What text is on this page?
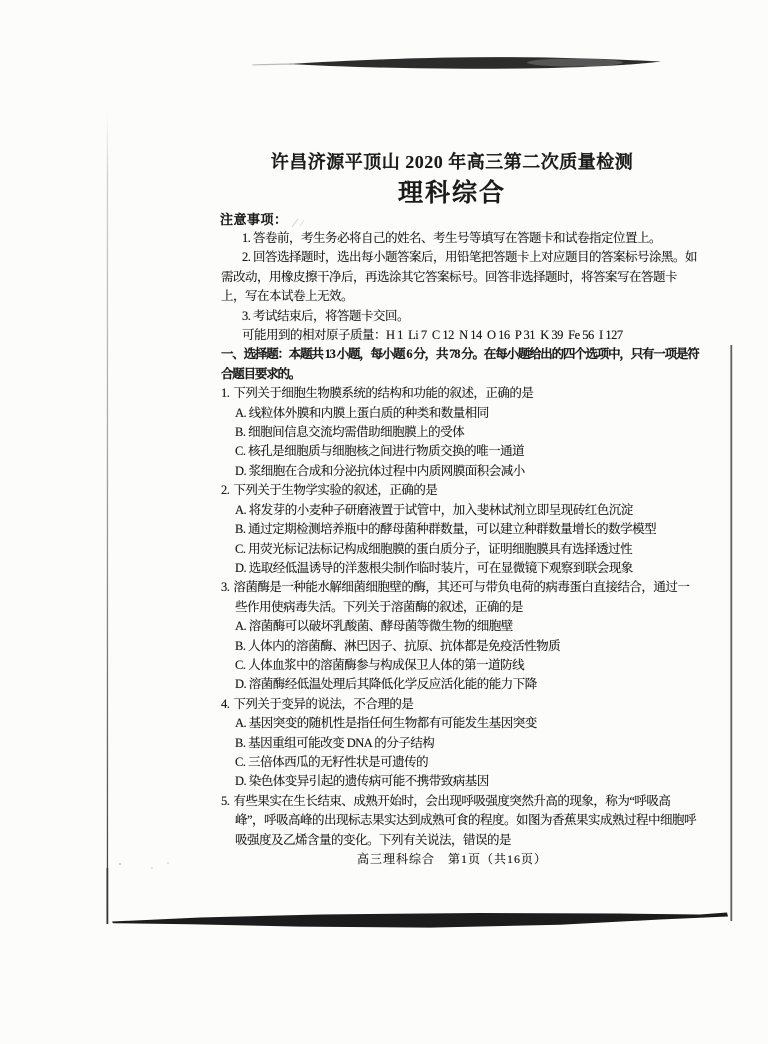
许昌济源平顶山 2020 年高三第二次质量检测
理科综合
注意事项：
1. 答卷前，考生务必将自己的姓名、考生号等填写在答题卡和试卷指定位置上。
2. 回答选择题时，选出每小题答案后，用铅笔把答题卡上对应题目的答案标号涂黑。如需改动，用橡皮擦干净后，再选涂其它答案标号。回答非选择题时，将答案写在答题卡上，写在本试卷上无效。
3. 考试结束后，将答题卡交回。
可能用到的相对原子质量：H 1  Li 7  C 12  N 14  O 16  P 31  K 39  Fe 56  I 127
一、选择题：本题共 13 小题，每小题 6 分，共 78 分。在每小题给出的四个选项中，只有一项是符合题目要求的。
1. 下列关于细胞生物膜系统的结构和功能的叙述，正确的是
A. 线粒体外膜和内膜上蛋白质的种类和数量相同
B. 细胞间信息交流均需借助细胞膜上的受体
C. 核孔是细胞质与细胞核之间进行物质交换的唯一通道
D. 浆细胞在合成和分泌抗体过程中内质网膜面积会减小
2. 下列关于生物学实验的叙述，正确的是
A. 将发芽的小麦种子研磨液置于试管中，加入斐林试剂立即呈现砖红色沉淀
B. 通过定期检测培养瓶中的酵母菌种群数量，可以建立种群数量增长的数学模型
C. 用荧光标记法标记构成细胞膜的蛋白质分子，证明细胞膜具有选择透过性
D. 选取经低温诱导的洋葱根尖制作临时装片，可在显微镜下观察到联会现象
3. 溶菌酶是一种能水解细菌细胞壁的酶，其还可与带负电荷的病毒蛋白直接结合，通过一些作用使病毒失活。下列关于溶菌酶的叙述，正确的是
A. 溶菌酶可以破坏乳酸菌、酵母菌等微生物的细胞壁
B. 人体内的溶菌酶、淋巴因子、抗原、抗体都是免疫活性物质
C. 人体血浆中的溶菌酶参与构成保卫人体的第一道防线
D. 溶菌酶经低温处理后其降低化学反应活化能的能力下降
4. 下列关于变异的说法，不合理的是
A. 基因突变的随机性是指任何生物都有可能发生基因突变
B. 基因重组可能改变 DNA 的分子结构
C. 三倍体西瓜的无籽性状是可遗传的
D. 染色体变异引起的遗传病可能不携带致病基因
5. 有些果实在生长结束、成熟开始时，会出现呼吸强度突然升高的现象，称为“呼吸高峰”，呼吸高峰的出现标志果实达到成熟可食的程度。如图为香蕉果实成熟过程中细胞呼吸强度及乙烯含量的变化。下列有关说法，错误的是
高三理科综合　第1页（共16页）
